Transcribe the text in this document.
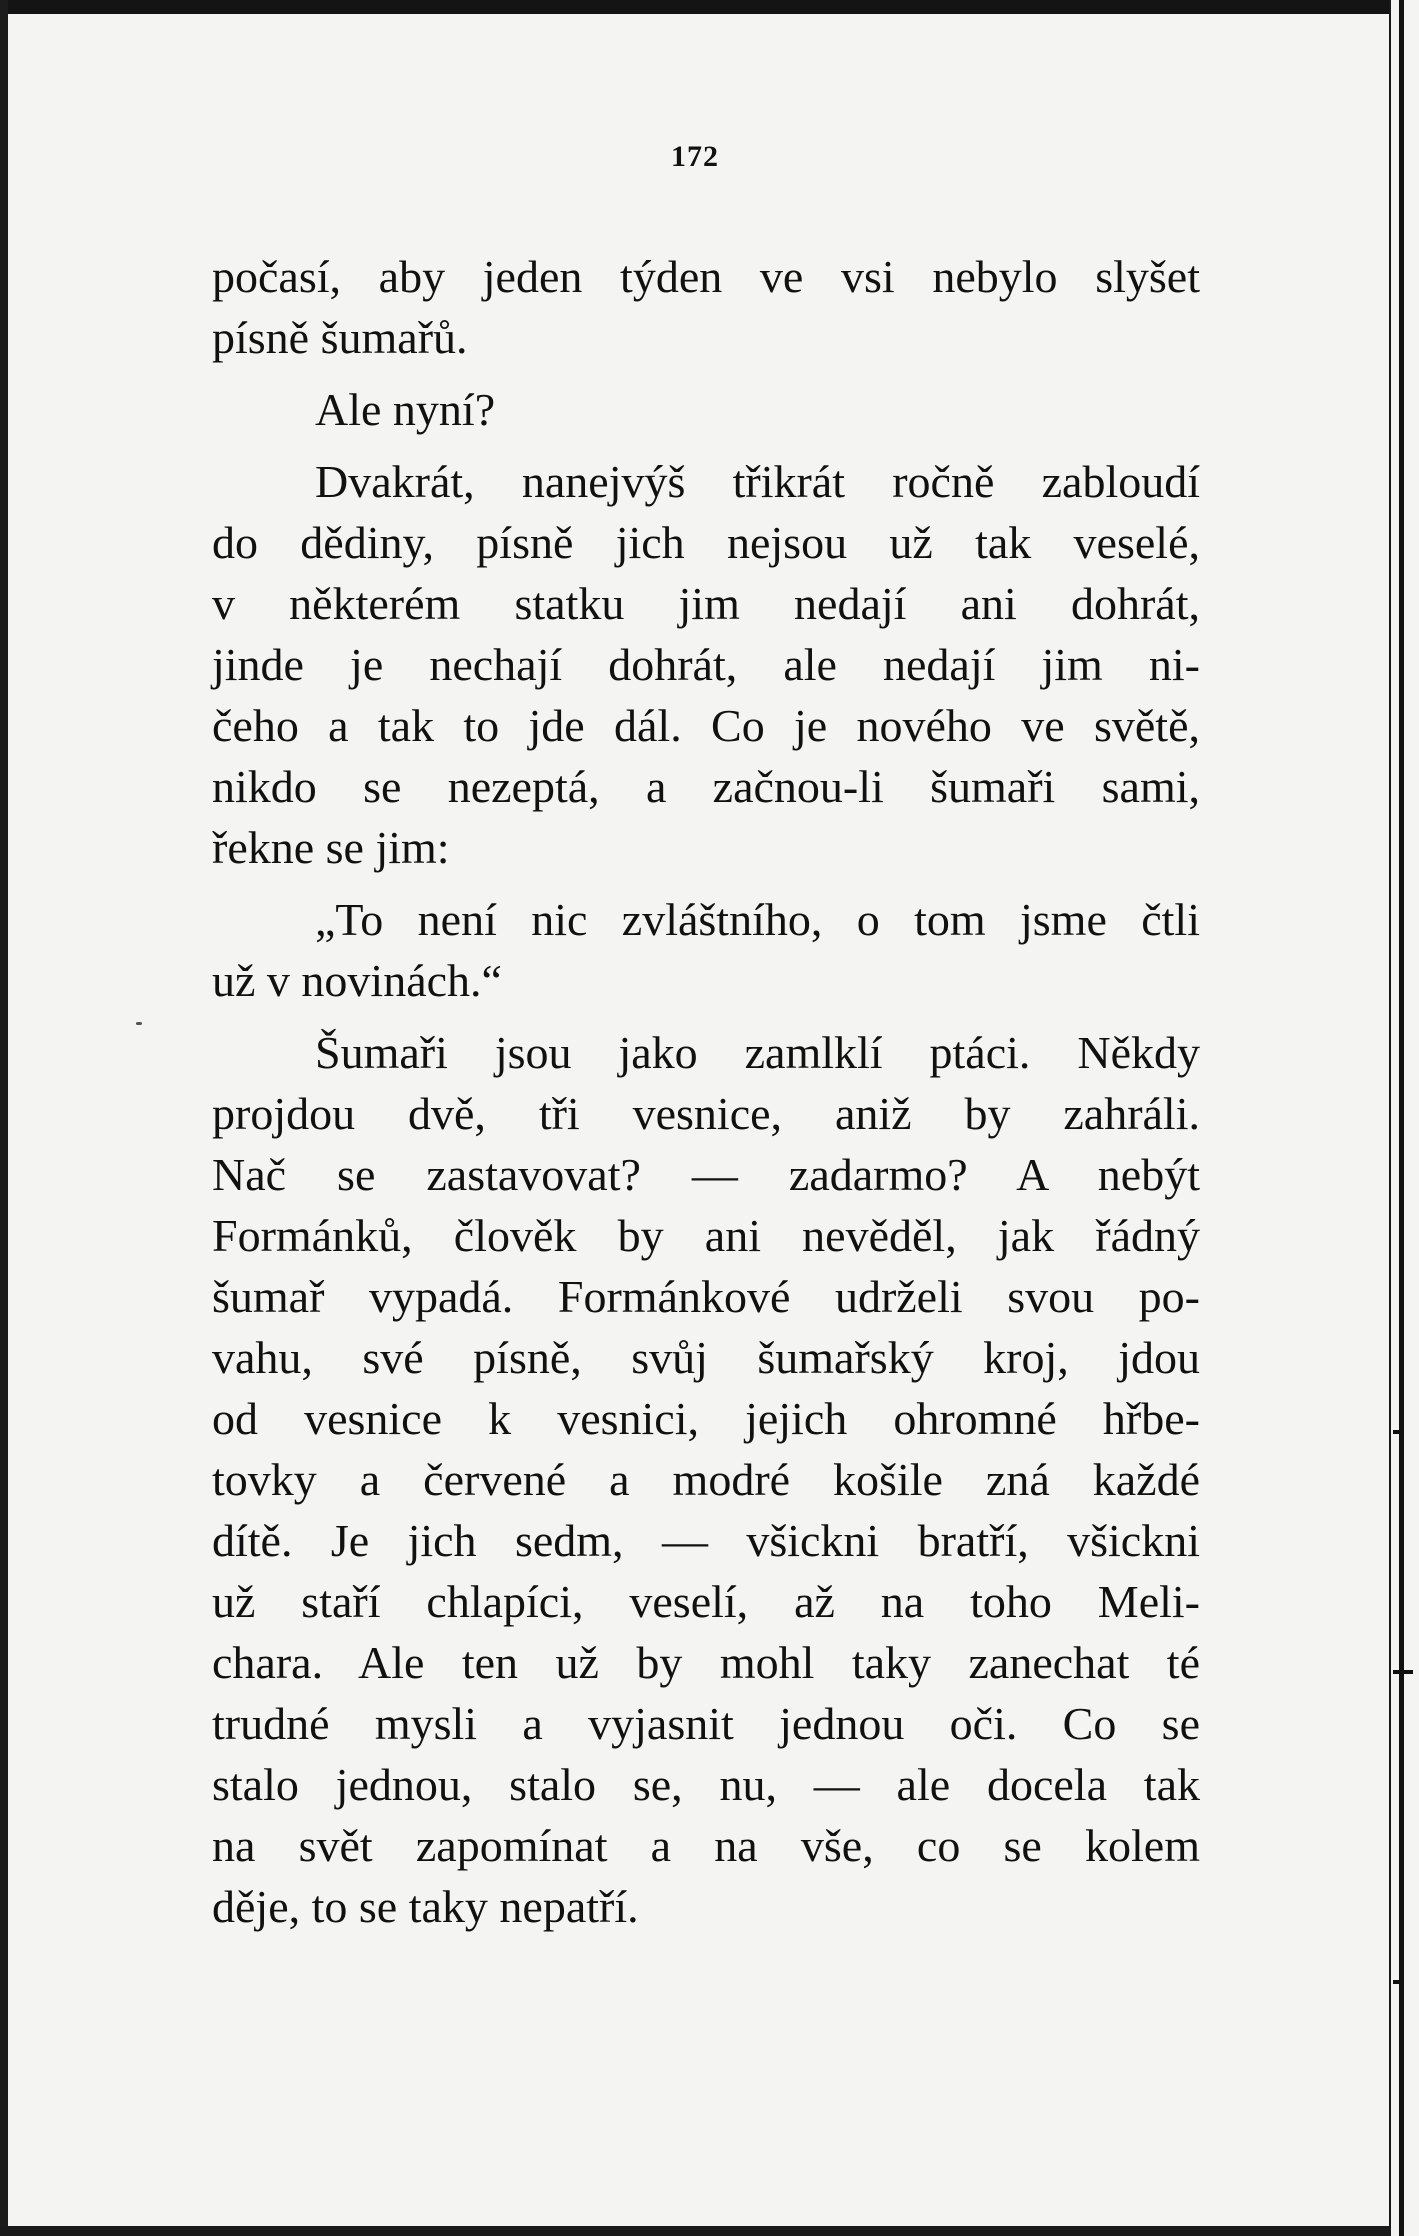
172
počasí, aby jeden týden ve vsi nebylo slyšet
písně šumařů.
Ale nyní?
Dvakrát, nanejvýš třikrát ročně zabloudí
do dědiny, písně jich nejsou už tak veselé,
v některém statku jim nedají ani dohrát,
jinde je nechají dohrát, ale nedají jim ni-
čeho a tak to jde dál. Co je nového ve světě,
nikdo se nezeptá, a začnou-li šumaři sami,
řekne se jim:
„To není nic zvláštního, o tom jsme čtli
už v novinách.“
Šumaři jsou jako zamlklí ptáci. Někdy
projdou dvě, tři vesnice, aniž by zahráli.
Nač se zastavovat? — zadarmo? A nebýt
Formánků, člověk by ani nevěděl, jak řádný
šumař vypadá. Formánkové udrželi svou po-
vahu, své písně, svůj šumařský kroj, jdou
od vesnice k vesnici, jejich ohromné hřbe-
tovky a červené a modré košile zná každé
dítě. Je jich sedm, — všickni bratří, všickni
už staří chlapíci, veselí, až na toho Meli-
chara. Ale ten už by mohl taky zanechat té
trudné mysli a vyjasnit jednou oči. Co se
stalo jednou, stalo se, nu, — ale docela tak
na svět zapomínat a na vše, co se kolem
děje, to se taky nepatří.
